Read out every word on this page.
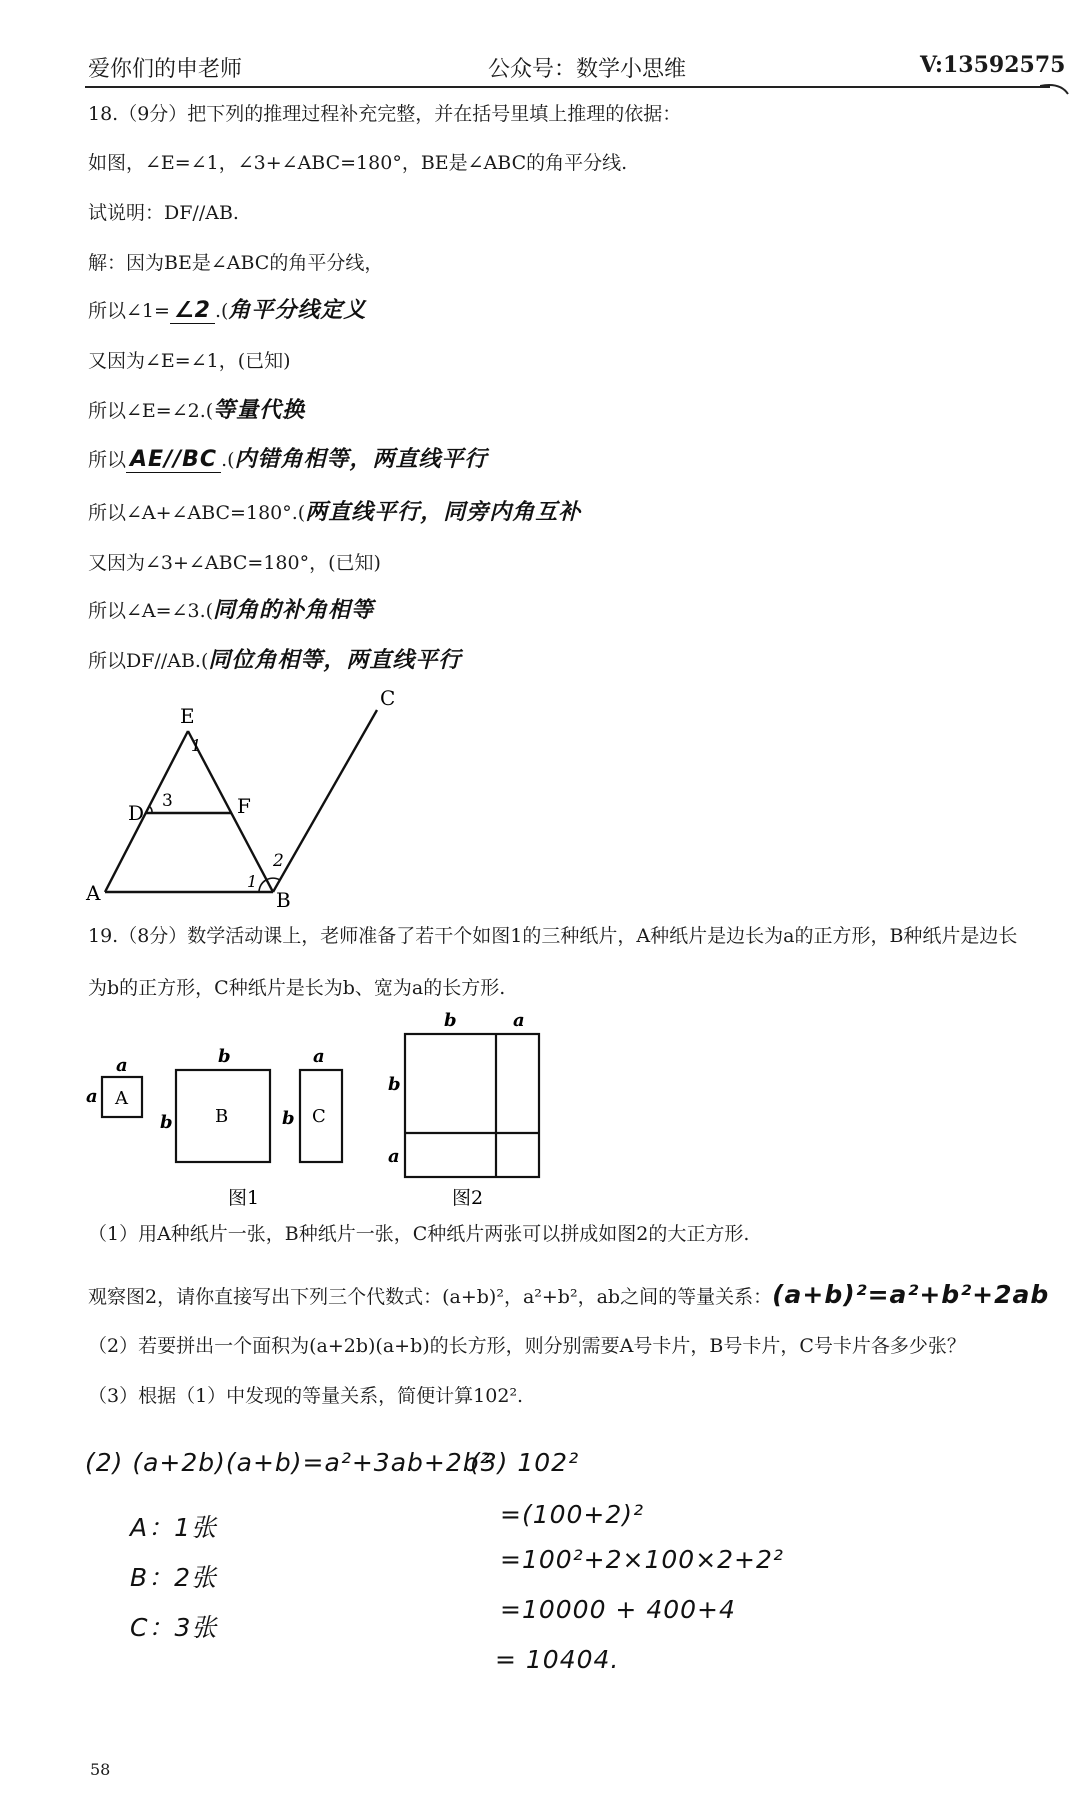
爱你们的申老师	公众号：数学小思维	V:13592575
18.（9分）把下列的推理过程补充完整，并在括号里填上推理的依据：
如图，∠E=∠1，∠3+∠ABC=180°，BE是∠ABC的角平分线.
试说明：DF//AB.
解：因为BE是∠ABC的角平分线，
所以∠1= ∠2 .(角平分线定义
又因为∠E=∠1，(已知)
所以∠E=∠2.(等量代换
所以 AE//BC .(内错角相等，两直线平行
所以∠A+∠ABC=180°.(两直线平行，同旁内角互补
又因为∠3+∠ABC=180°，(已知)
所以∠A=∠3.(同角的补角相等
所以DF//AB.(同位角相等，两直线平行
E
C
D	F
A	B
1
3
1
2
19.（8分）数学活动课上，老师准备了若干个如图1的三种纸片，A种纸片是边长为a的正方形，B种纸片是边长
为b的正方形，C种纸片是长为b、宽为a的长方形.
A
a
a
B
b
b	C
a
b
图1
b	a
b
a
图2
（1）用A种纸片一张，B种纸片一张，C种纸片两张可以拼成如图2的大正方形.
观察图2，请你直接写出下列三个代数式：(a+b)²，a²+b²，ab之间的等量关系：(a+b)²=a²+b²+2ab
（2）若要拼出一个面积为(a+2b)(a+b)的长方形，则分别需要A号卡片，B号卡片，C号卡片各多少张？
（3）根据（1）中发现的等量关系，简便计算102².
(2) (a+2b)(a+b)=a²+3ab+2b²
A：1张
B：2张
C：3张
(3) 102²
=(100+2)²
=100²+2×100×2+2²
=10000 + 400+4
= 10404.
58
